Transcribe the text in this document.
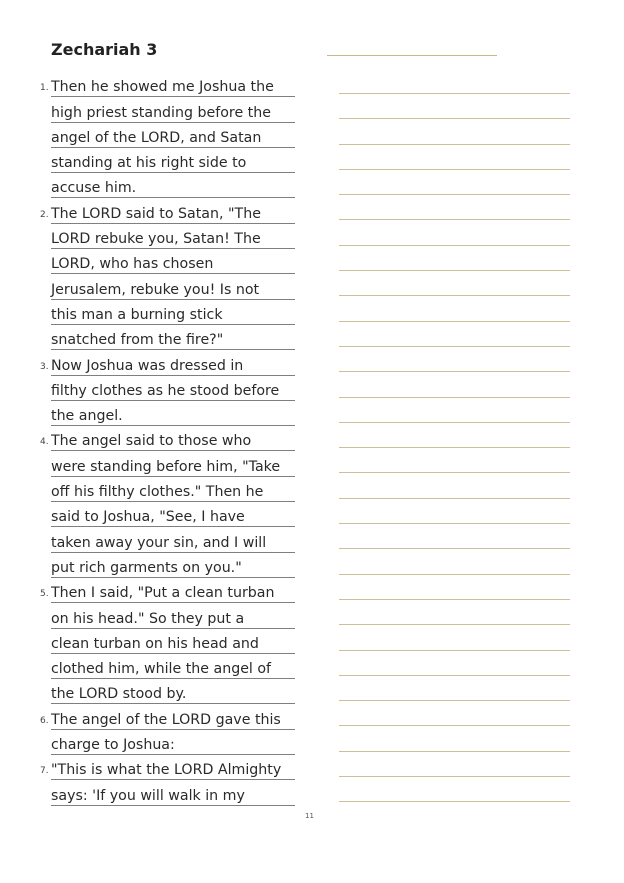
Zechariah 3
1. Then he showed me Joshua the
high priest standing before the
angel of the LORD, and Satan
standing at his right side to
accuse him.
2. The LORD said to Satan, "The
LORD rebuke you, Satan! The
LORD, who has chosen
Jerusalem, rebuke you! Is not
this man a burning stick
snatched from the fire?"
3. Now Joshua was dressed in
filthy clothes as he stood before
the angel.
4. The angel said to those who
were standing before him, "Take
off his filthy clothes." Then he
said to Joshua, "See, I have
taken away your sin, and I will
put rich garments on you."
5. Then I said, "Put a clean turban
on his head." So they put a
clean turban on his head and
clothed him, while the angel of
the LORD stood by.
6. The angel of the LORD gave this
charge to Joshua:
7. "This is what the LORD Almighty
says: 'If you will walk in my
11
